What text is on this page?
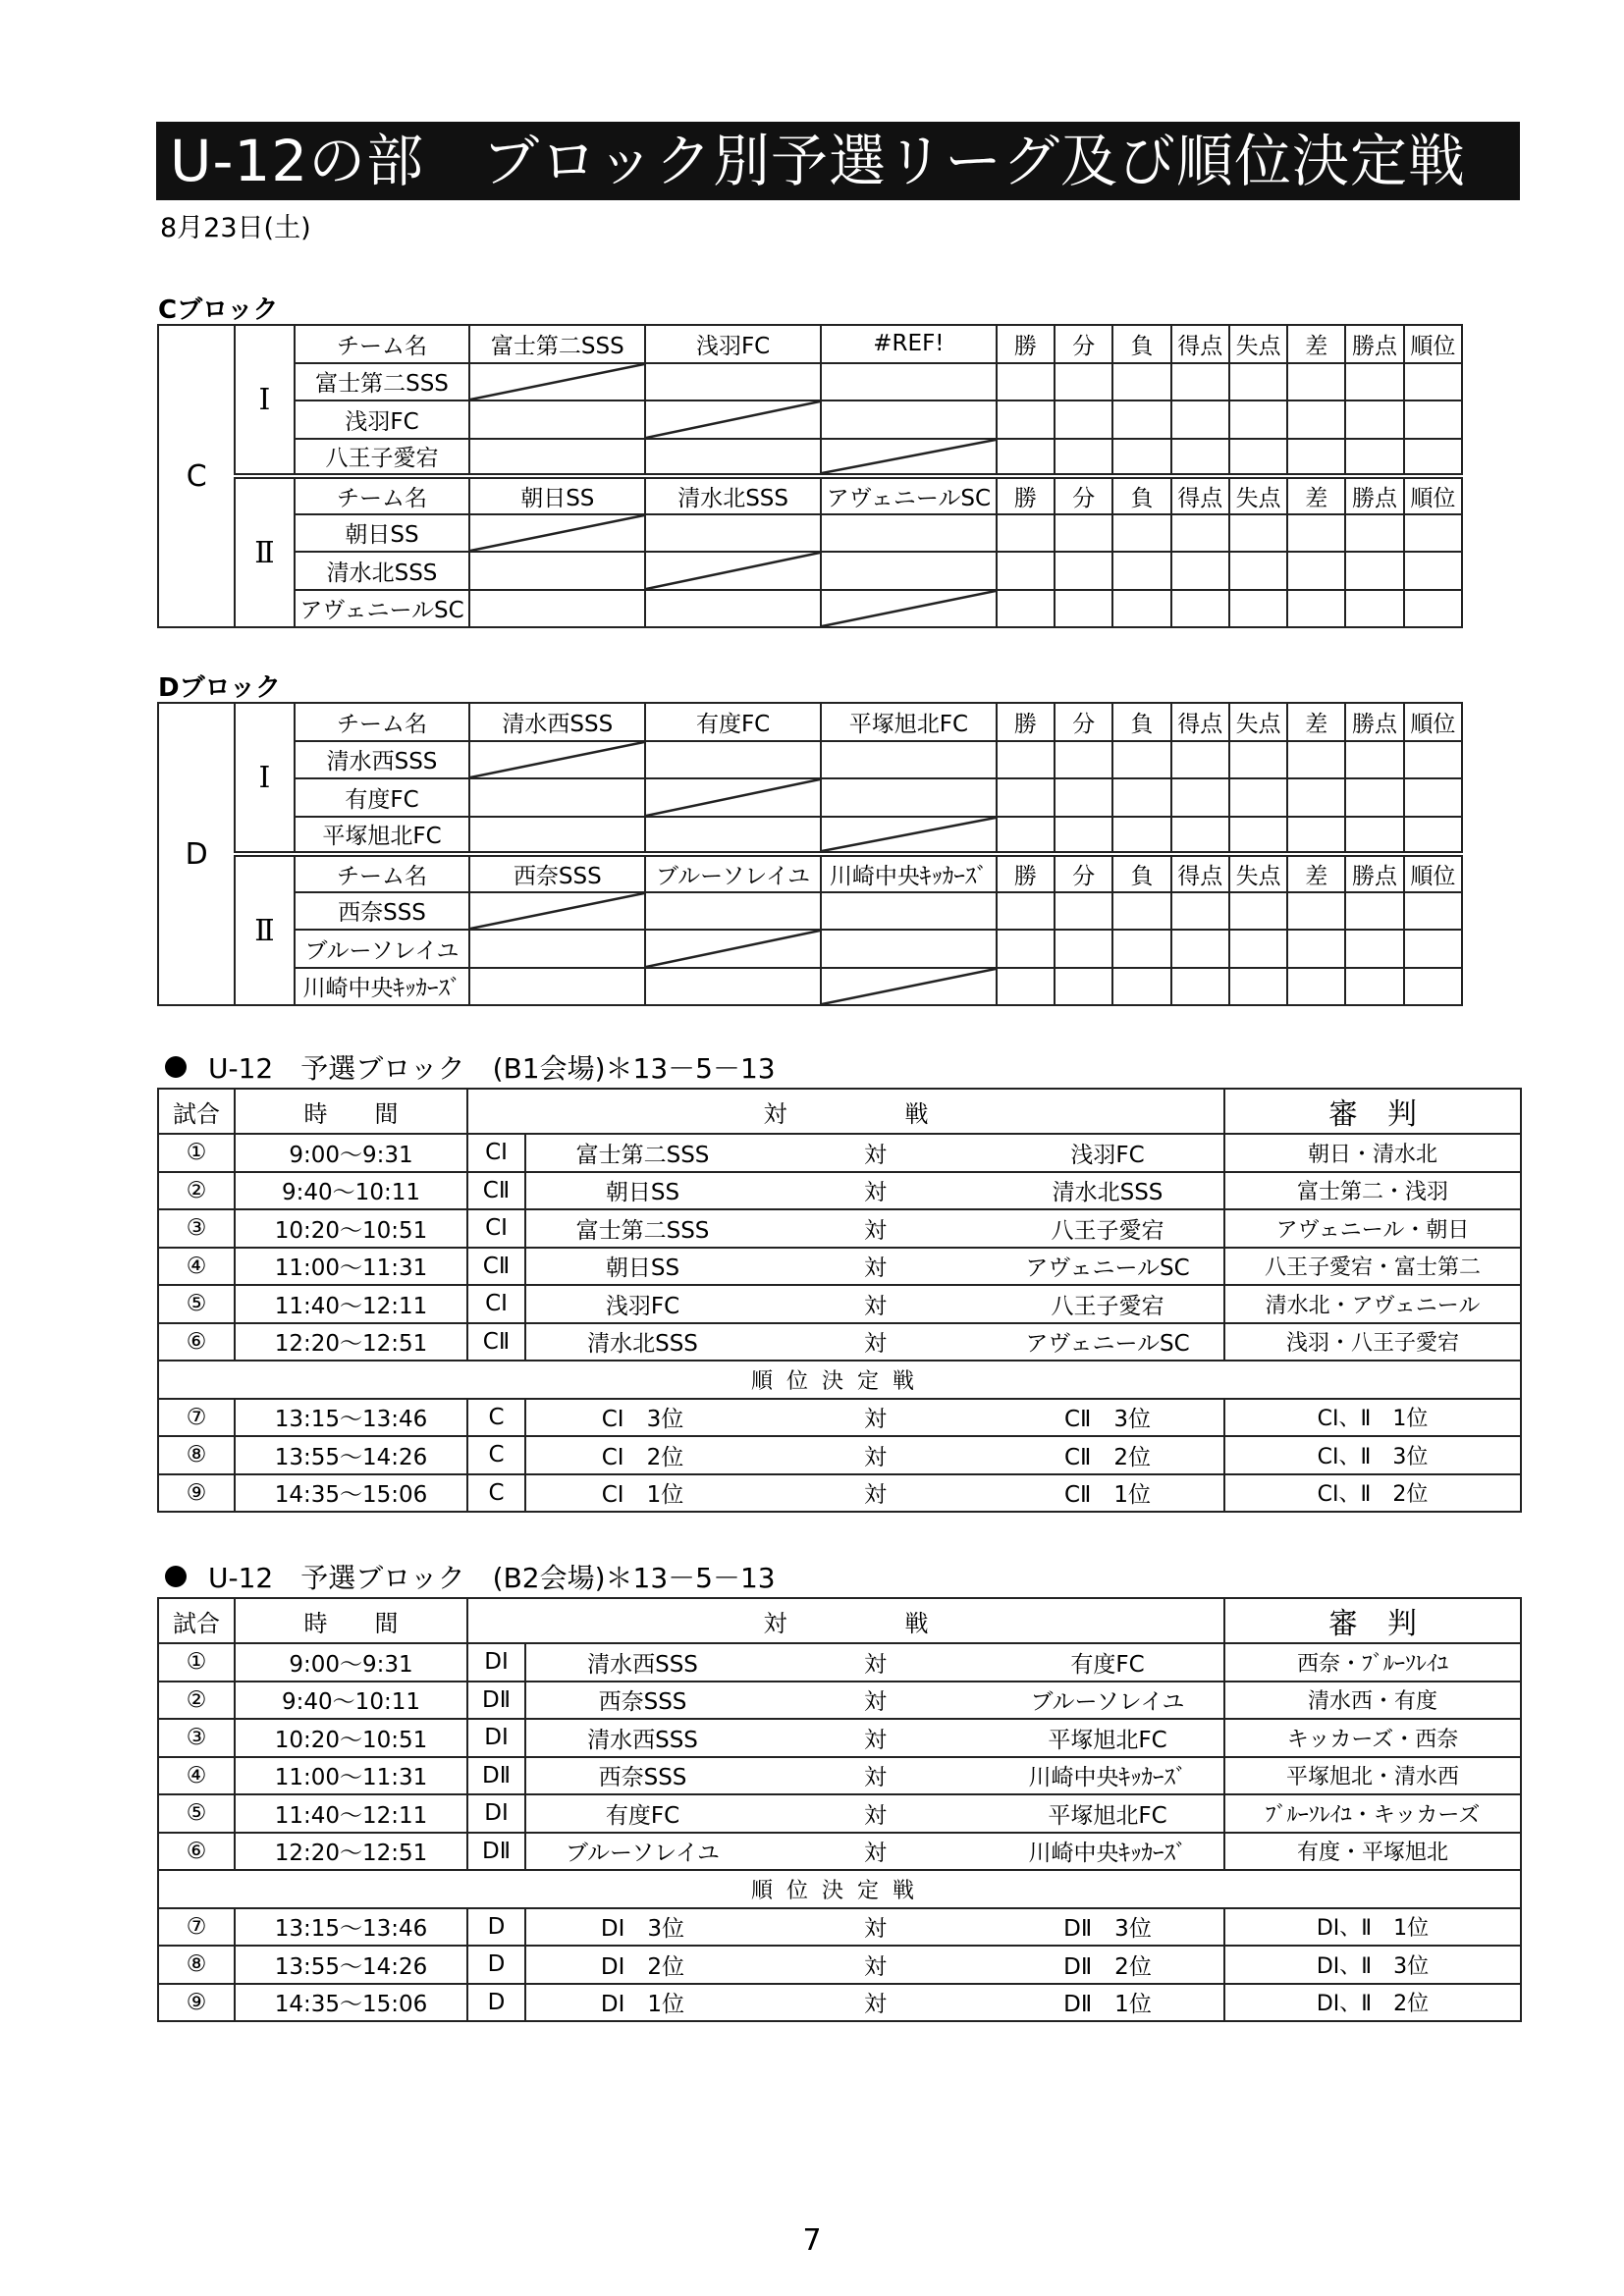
U-12の部　ブロック別予選リーグ及び順位決定戦
8月23日(土)
Cブロック
C	Ⅰ	チーム名	富士第二SSS	浅羽FC	#REF!	勝	分	負	得点	失点	差	勝点	順位
		富士第二SSS											
		浅羽FC											
		八王子愛宕											
	Ⅱ	チーム名	朝日SS	清水北SSS	アヴェニールSC	勝	分	負	得点	失点	差	勝点	順位
		朝日SS											
		清水北SSS											
		アヴェニールSC											
Dブロック
D	Ⅰ	チーム名	清水西SSS	有度FC	平塚旭北FC	勝	分	負	得点	失点	差	勝点	順位
		清水西SSS											
		有度FC											
		平塚旭北FC											
	Ⅱ	チーム名	西奈SSS	ブルーソレイユ	川崎中央ｷｯｶｰｽﾞ	勝	分	負	得点	失点	差	勝点	順位
		西奈SSS											
		ブルーソレイユ											
		川崎中央ｷｯｶｰｽﾞ											
U-12　予選ブロック　(B1会場)＊13－5－13
試合	時　　間	対　　　　　戦				審　判
①	9:00～9:31	CⅠ	富士第二SSS	対	浅羽FC	朝日・清水北
②	9:40～10:11	CⅡ	朝日SS	対	清水北SSS	富士第二・浅羽
③	10:20～10:51	CⅠ	富士第二SSS	対	八王子愛宕	アヴェニール・朝日
④	11:00～11:31	CⅡ	朝日SS	対	アヴェニールSC	八王子愛宕・富士第二
⑤	11:40～12:11	CⅠ	浅羽FC	対	八王子愛宕	清水北・アヴェニール
⑥	12:20～12:51	CⅡ	清水北SSS	対	アヴェニールSC	浅羽・八王子愛宕
順位決定戦						
⑦	13:15～13:46	C	CⅠ　3位	対	CⅡ　3位	CⅠ、Ⅱ　1位
⑧	13:55～14:26	C	CⅠ　2位	対	CⅡ　2位	CⅠ、Ⅱ　3位
⑨	14:35～15:06	C	CⅠ　1位	対	CⅡ　1位	CⅠ、Ⅱ　2位
U-12　予選ブロック　(B2会場)＊13－5－13
試合	時　　間	対　　　　　戦				審　判
①	9:00～9:31	DⅠ	清水西SSS	対	有度FC	西奈・ﾌﾞﾙｰｿﾚｲﾕ
②	9:40～10:11	DⅡ	西奈SSS	対	ブルーソレイユ	清水西・有度
③	10:20～10:51	DⅠ	清水西SSS	対	平塚旭北FC	キッカーズ・西奈
④	11:00～11:31	DⅡ	西奈SSS	対	川崎中央ｷｯｶｰｽﾞ	平塚旭北・清水西
⑤	11:40～12:11	DⅠ	有度FC	対	平塚旭北FC	ﾌﾞﾙｰｿﾚｲﾕ・キッカーズ
⑥	12:20～12:51	DⅡ	ブルーソレイユ	対	川崎中央ｷｯｶｰｽﾞ	有度・平塚旭北
順位決定戦						
⑦	13:15～13:46	D	DⅠ　3位	対	DⅡ　3位	DⅠ、Ⅱ　1位
⑧	13:55～14:26	D	DⅠ　2位	対	DⅡ　2位	DⅠ、Ⅱ　3位
⑨	14:35～15:06	D	DⅠ　1位	対	DⅡ　1位	DⅠ、Ⅱ　2位
7
